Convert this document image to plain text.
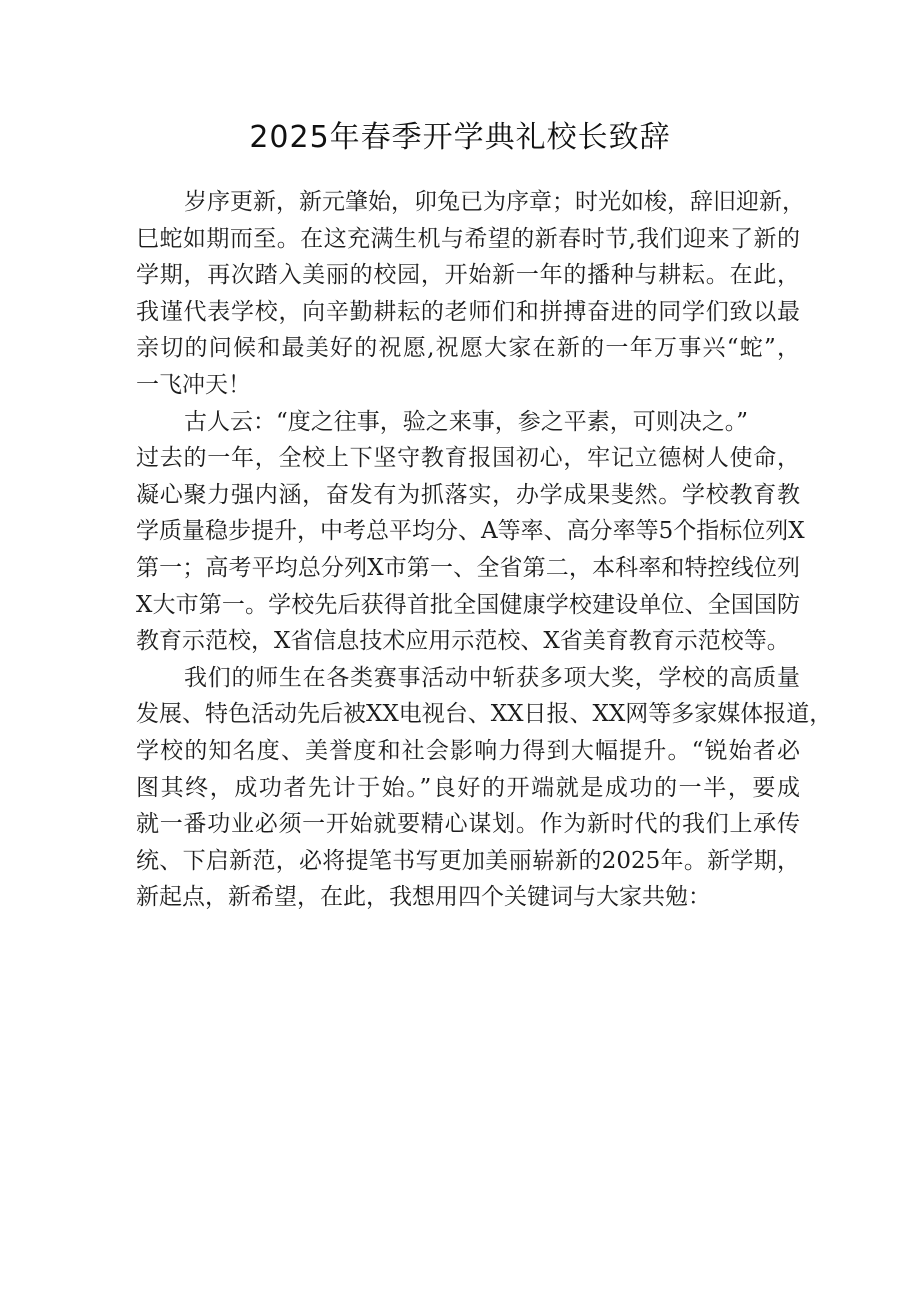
2025年春季开学典礼校长致辞
岁序更新，新元肇始，卯兔已为序章；时光如梭，辞旧迎新，
巳蛇如期而至。在这充满生机与希望的新春时节,我们迎来了新的
学期，再次踏入美丽的校园，开始新一年的播种与耕耘。在此，
我谨代表学校，向辛勤耕耘的老师们和拼搏奋进的同学们致以最
亲切的问候和最美好的祝愿,祝愿大家在新的一年万事兴“蛇”，
一飞冲天！
古人云：“度之往事，验之来事，参之平素，可则决之。”
过去的一年，全校上下坚守教育报国初心，牢记立德树人使命，
凝心聚力强内涵，奋发有为抓落实，办学成果斐然。学校教育教
学质量稳步提升，中考总平均分、A等率、高分率等5个指标位列X
第一；高考平均总分列X市第一、全省第二，本科率和特控线位列
X大市第一。学校先后获得首批全国健康学校建设单位、全国国防
教育示范校，X省信息技术应用示范校、X省美育教育示范校等。
我们的师生在各类赛事活动中斩获多项大奖，学校的高质量
发展、特色活动先后被XX电视台、XX日报、XX网等多家媒体报道，
学校的知名度、美誉度和社会影响力得到大幅提升。“锐始者必
图其终，成功者先计于始。”良好的开端就是成功的一半，要成
就一番功业必须一开始就要精心谋划。作为新时代的我们上承传
统、下启新范，必将提笔书写更加美丽崭新的2025年。新学期，
新起点，新希望，在此，我想用四个关键词与大家共勉：
